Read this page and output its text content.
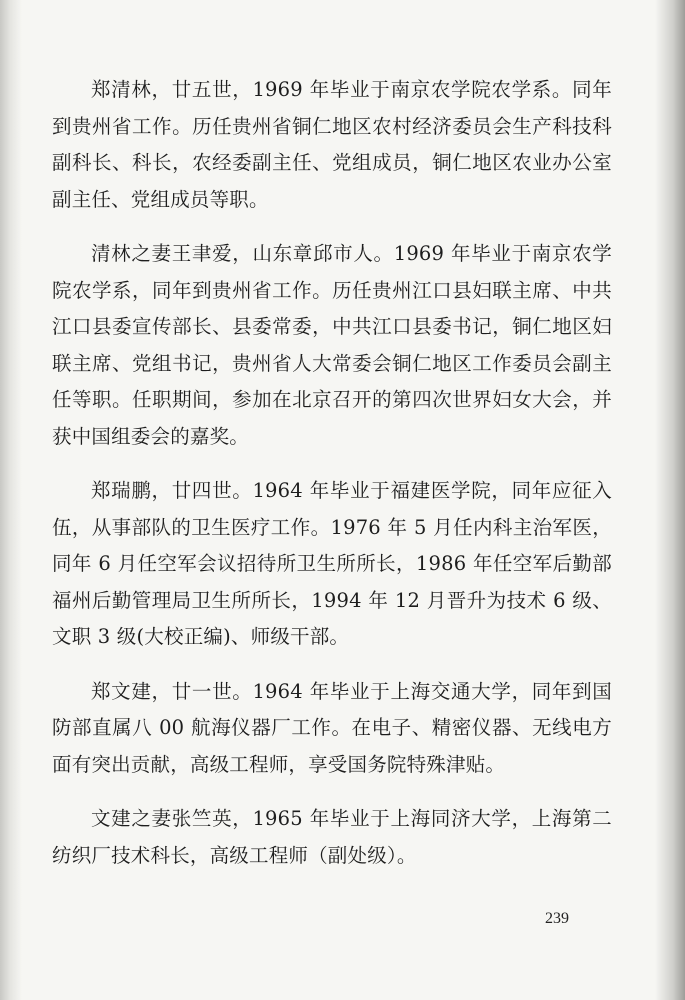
郑清林，廿五世，1969 年毕业于南京农学院农学系。同年到贵州省工作。历任贵州省铜仁地区农村经济委员会生产科技科副科长、科长，农经委副主任、党组成员，铜仁地区农业办公室副主任、党组成员等职。

清林之妻王聿爱，山东章邱市人。1969 年毕业于南京农学院农学系，同年到贵州省工作。历任贵州江口县妇联主席、中共江口县委宣传部长、县委常委，中共江口县委书记，铜仁地区妇联主席、党组书记，贵州省人大常委会铜仁地区工作委员会副主任等职。任职期间，参加在北京召开的第四次世界妇女大会，并获中国组委会的嘉奖。

郑瑞鹏，廿四世。1964 年毕业于福建医学院，同年应征入伍，从事部队的卫生医疗工作。1976 年 5 月任内科主治军医，同年 6 月任空军会议招待所卫生所所长，1986 年任空军后勤部福州后勤管理局卫生所所长，1994 年 12 月晋升为技术 6 级、文职 3 级(大校正编)、师级干部。

郑文建，廿一世。1964 年毕业于上海交通大学，同年到国防部直属八 00 航海仪器厂工作。在电子、精密仪器、无线电方面有突出贡献，高级工程师，享受国务院特殊津贴。

文建之妻张竺英，1965 年毕业于上海同济大学，上海第二纺织厂技术科长，高级工程师（副处级）。

239
